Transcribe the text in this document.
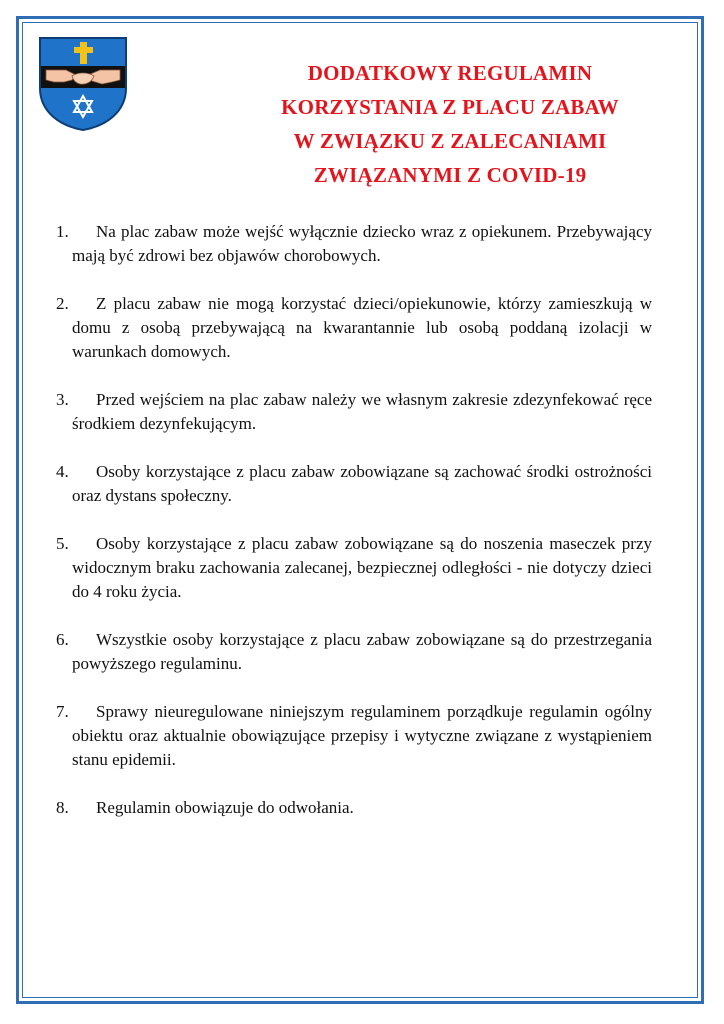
DODATKOWY REGULAMIN
KORZYSTANIA Z PLACU ZABAW
W ZWIĄZKU Z ZALECANIAMI
ZWIĄZANYMI Z COVID-19

1. Na plac zabaw może wejść wyłącznie dziecko wraz z opiekunem. Przebywający mają być zdrowi bez objawów chorobowych.

2. Z placu zabaw nie mogą korzystać dzieci/opiekunowie, którzy zamieszkują w domu z osobą przebywającą na kwarantannie lub osobą poddaną izolacji w warunkach domowych.

3. Przed wejściem na plac zabaw należy we własnym zakresie zdezynfekować ręce środkiem dezynfekującym.

4. Osoby korzystające z placu zabaw zobowiązane są zachować środki ostrożności oraz dystans społeczny.

5. Osoby korzystające z placu zabaw zobowiązane są do noszenia maseczek przy widocznym braku zachowania zalecanej, bezpiecznej odległości - nie dotyczy dzieci do 4 roku życia.

6. Wszystkie osoby korzystające z placu zabaw zobowiązane są do przestrzegania powyższego regulaminu.

7. Sprawy nieuregulowane niniejszym regulaminem porządkuje regulamin ogólny obiektu oraz aktualnie obowiązujące przepisy i wytyczne związane z wystąpieniem stanu epidemii.

8. Regulamin obowiązuje do odwołania.
